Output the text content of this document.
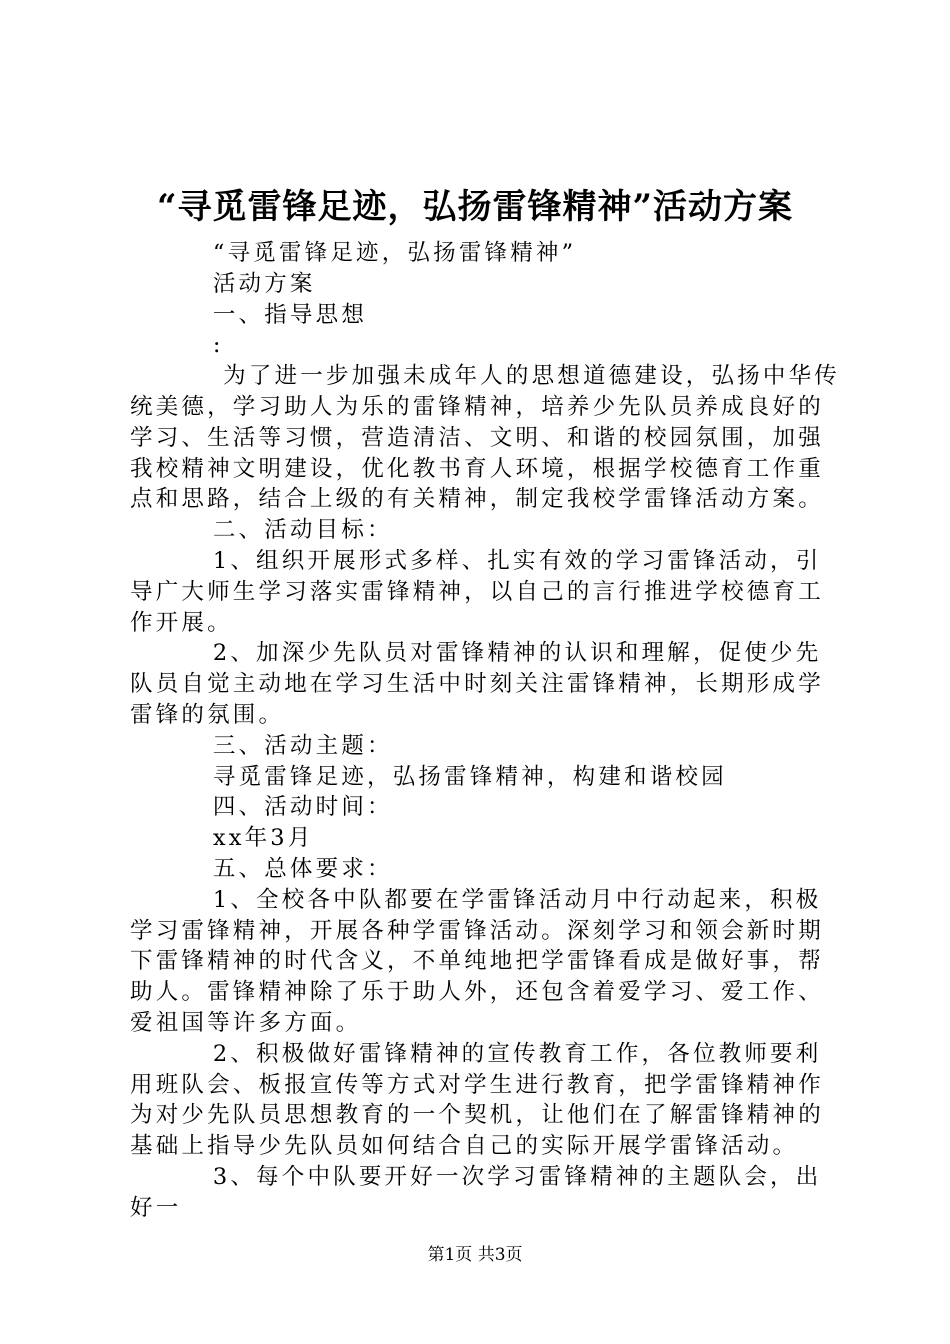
“寻觅雷锋足迹，弘扬雷锋精神”活动方案

“寻觅雷锋足迹，弘扬雷锋精神”

活动方案

一、指导思想

:

为了进一步加强未成年人的思想道德建设，弘扬中华传统美德，学习助人为乐的雷锋精神，培养少先队员养成良好的学习、生活等习惯，营造清洁、文明、和谐的校园氛围，加强我校精神文明建设，优化教书育人环境，根据学校德育工作重点和思路，结合上级的有关精神，制定我校学雷锋活动方案。

二、活动目标：

1、组织开展形式多样、扎实有效的学习雷锋活动，引导广大师生学习落实雷锋精神，以自己的言行推进学校德育工作开展。

2、加深少先队员对雷锋精神的认识和理解，促使少先队员自觉主动地在学习生活中时刻关注雷锋精神，长期形成学雷锋的氛围。

三、活动主题：

寻觅雷锋足迹，弘扬雷锋精神，构建和谐校园

四、活动时间：

xx年3月

五、总体要求：

1、全校各中队都要在学雷锋活动月中行动起来，积极学习雷锋精神，开展各种学雷锋活动。深刻学习和领会新时期下雷锋精神的时代含义，不单纯地把学雷锋看成是做好事，帮助人。雷锋精神除了乐于助人外，还包含着爱学习、爱工作、爱祖国等许多方面。

2、积极做好雷锋精神的宣传教育工作，各位教师要利用班队会、板报宣传等方式对学生进行教育，把学雷锋精神作为对少先队员思想教育的一个契机，让他们在了解雷锋精神的基础上指导少先队员如何结合自己的实际开展学雷锋活动。

3、每个中队要开好一次学习雷锋精神的主题队会，出好一

第1页 共3页
